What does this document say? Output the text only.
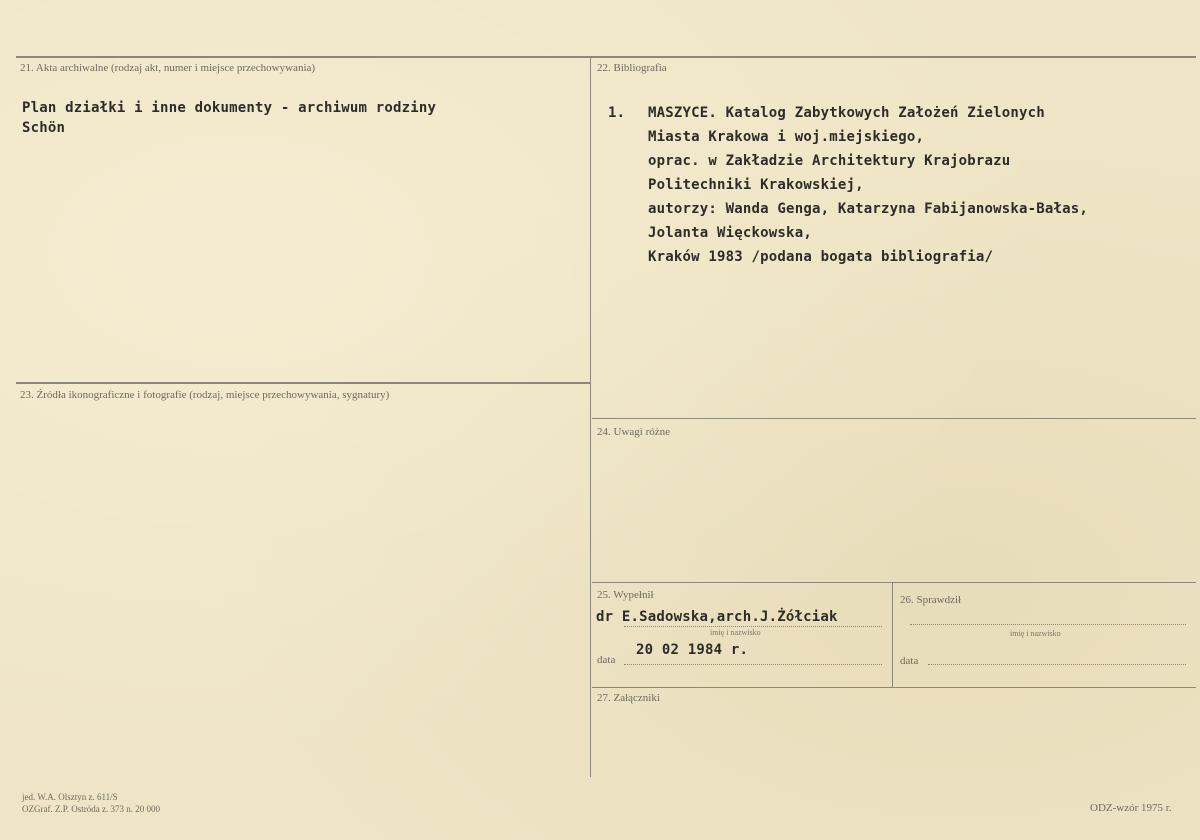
21. Akta archiwalne (rodzaj akt, numer i miejsce przechowywania)
Plan działki i inne dokumenty - archiwum rodziny
Schön
22. Bibliografia
1. MASZYCE. Katalog Zabytkowych Założeń Zielonych
Miasta Krakowa i woj.miejskiego,
oprac. w Zakładzie Architektury Krajobrazu
Politechniki Krakowskiej,
autorzy: Wanda Genga, Katarzyna Fabijanowska-Bałas,
Jolanta Więckowska,
Kraków 1983 /podana bogata bibliografia/
23. Źródła ikonograficzne i fotografie (rodzaj, miejsce przechowywania, sygnatury)
24. Uwagi różne
25. Wypełnił
dr E.Sadowska,arch.J.Żółciak
imię i nazwisko
data
20 02 1984 r.
26. Sprawdził
imię i nazwisko
data
27. Załączniki
jed. W.A. Olsztyn z. 611/S
OZGraf. Z.P. Ostróda z. 373 n. 20 000	ODZ-wzór 1975 r.
